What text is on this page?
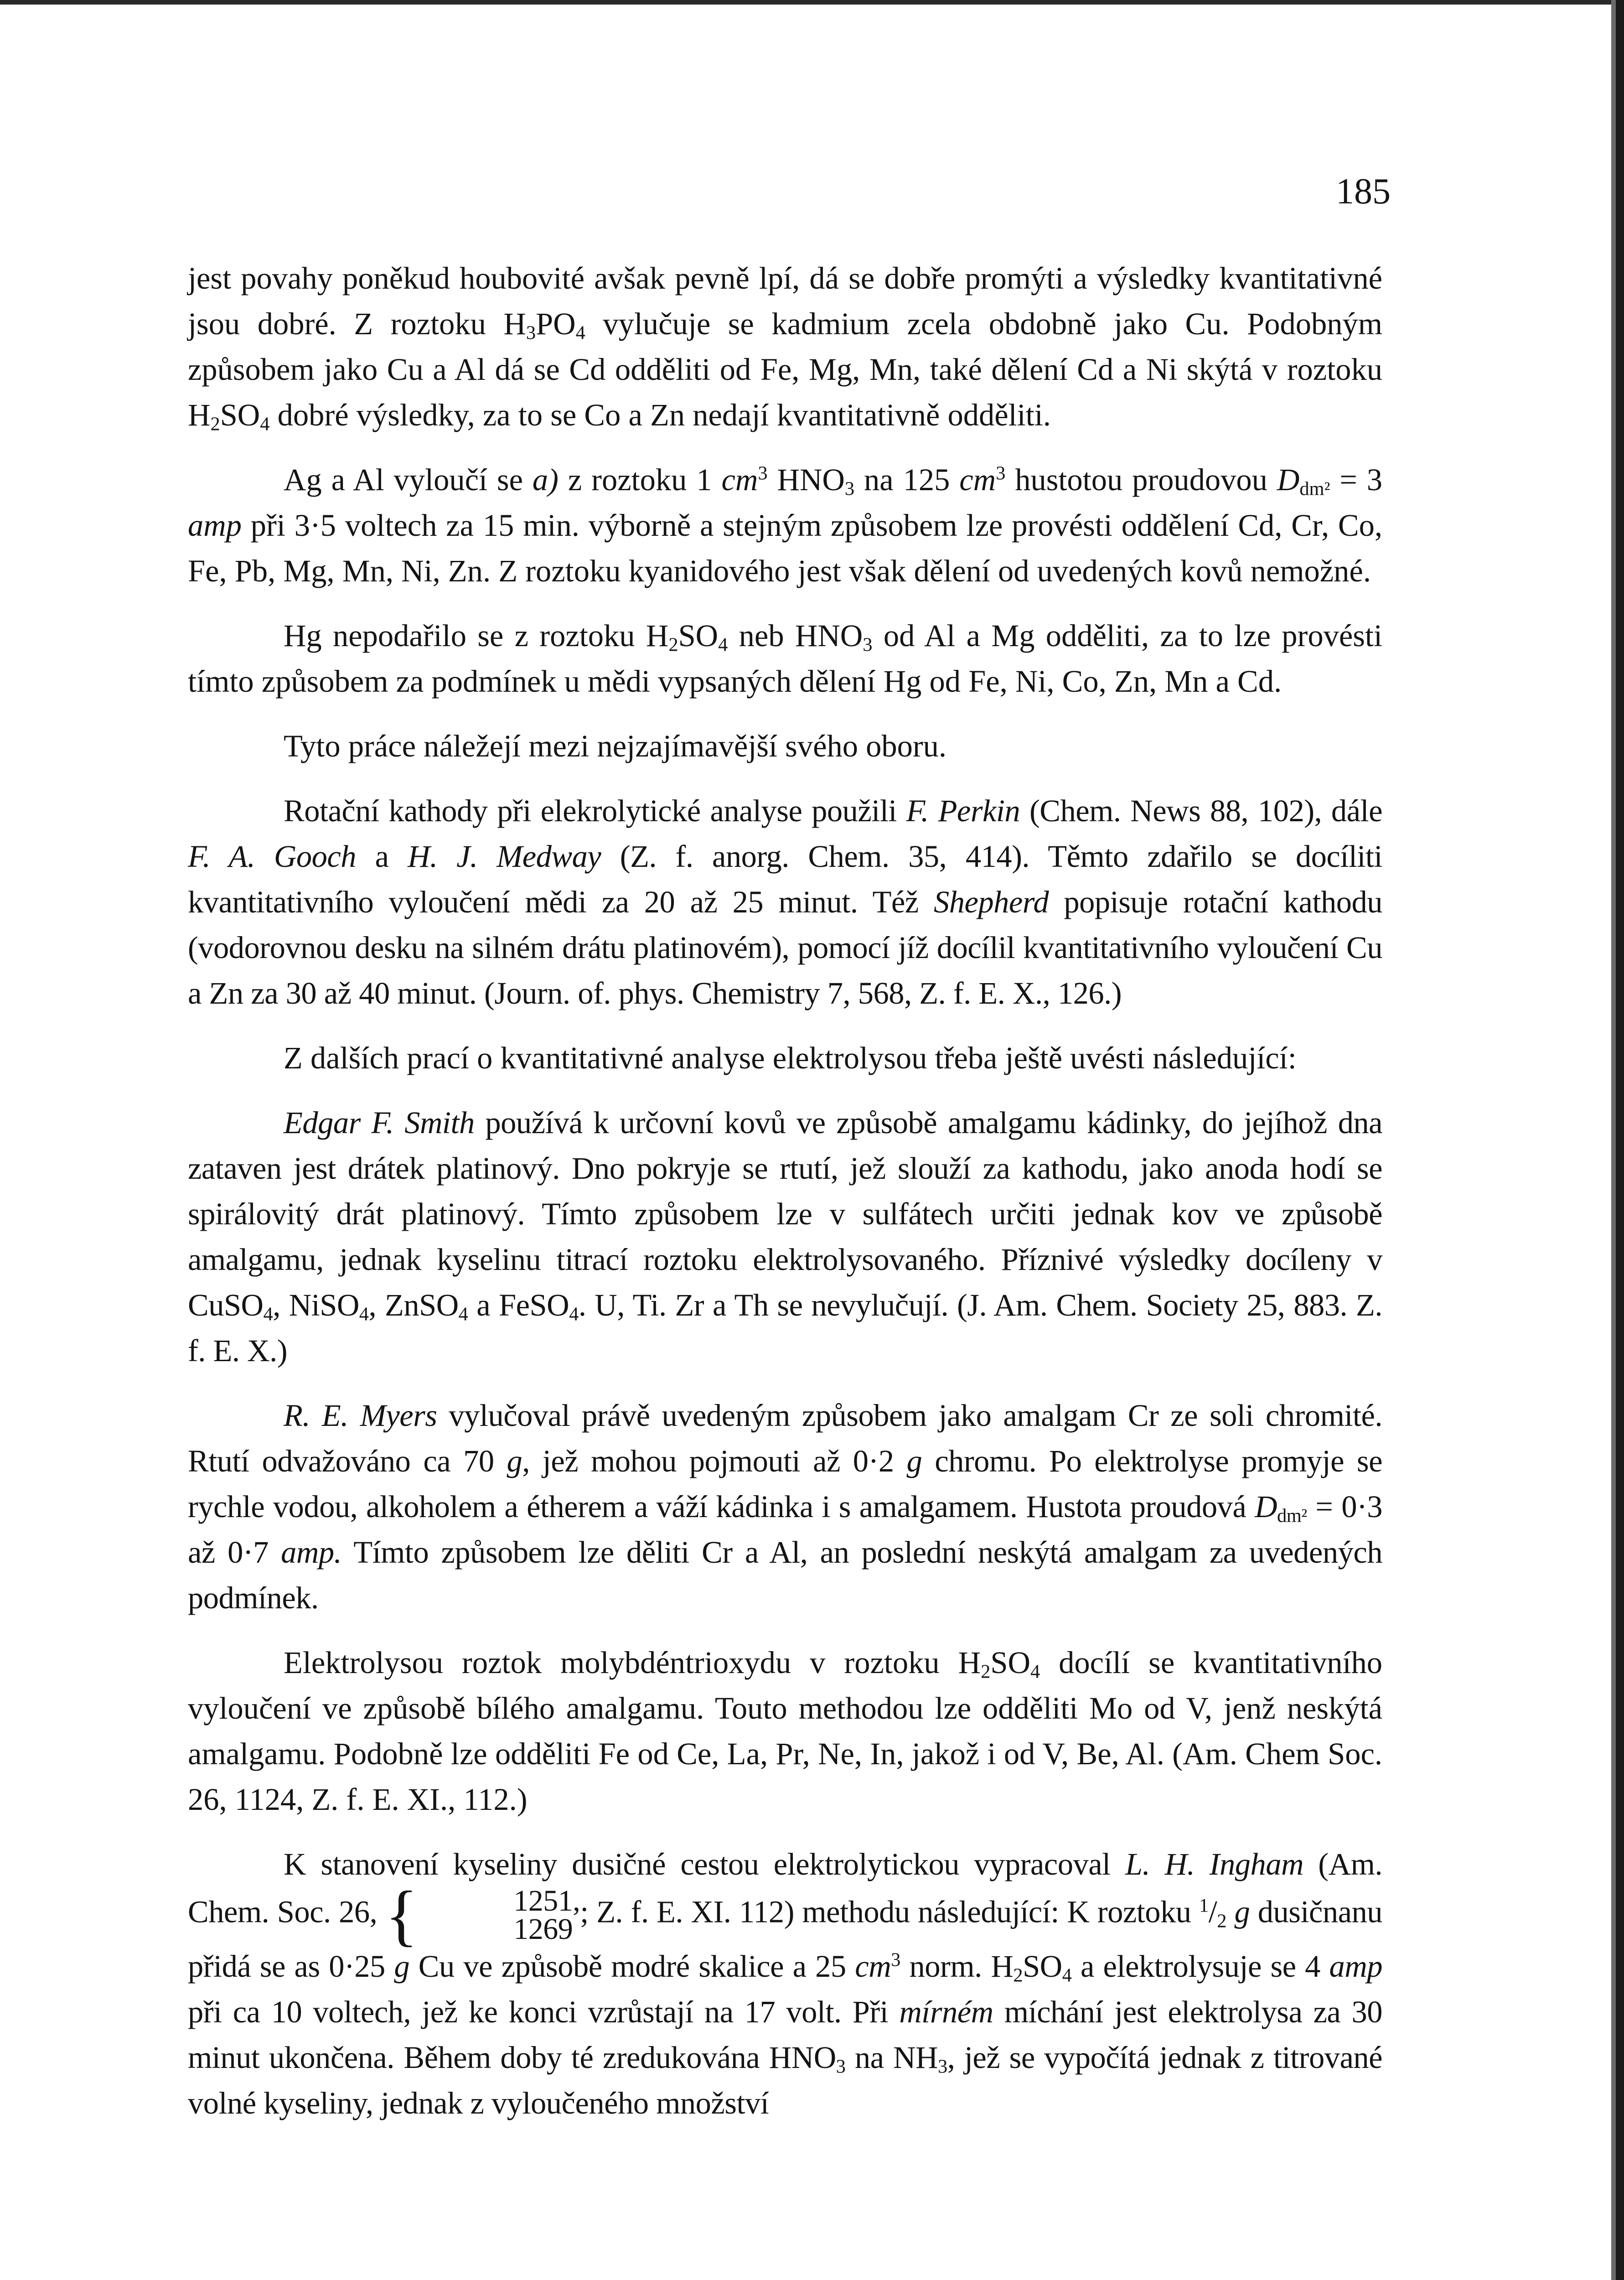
185

jest povahy poněkud houbovité avšak pevně lpí, dá se dobře promýti a výsledky kvantitativné jsou dobré. Z roztoku $H_3PO_4$ vylučuje se kadmium zcela obdobně jako Cu. Podobným způsobem jako Cu a Al dá se Cd odděliti od Fe, Mg, Mn, také dělení Cd a Ni skýtá v roztoku $H_2SO_4$ dobré výsledky, za to se Co a Zn nedají kvantitativně odděliti.

Ag a Al vyloučí se a) z roztoku 1 $cm^3$ $HNO_3$ na 125 $cm^3$ hustotou proudovou $D_{dm^2} = 3$ amp při 3·5 voltech za 15 min. výborně a stejným způsobem lze provésti oddělení Cd, Cr, Co, Fe, Pb, Mg, Mn, Ni, Zn. Z roztoku kyanidového jest však dělení od uvedených kovů nemožné.

Hg nepodařilo se z roztoku $H_2SO_4$ neb $HNO_3$ od Al a Mg odděliti, za to lze provésti tímto způsobem za podmínek u mědi vypsaných dělení Hg od Fe, Ni, Co, Zn, Mn a Cd.

Tyto práce náležejí mezi nejzajímavější svého oboru.

Rotační kathody při elekrolytické analyse použili F. Perkin (Chem. News 88, 102), dále F. A. Gooch a H. J. Medway (Z. f. anorg. Chem. 35, 414). Těmto zdařilo se docíliti kvantitativního vyloučení mědi za 20 až 25 minut. Též Shepherd popisuje rotační kathodu (vodorovnou desku na silném drátu platinovém), pomocí jíž docílil kvantitativního vyloučení Cu a Zn za 30 až 40 minut. (Journ. of. phys. Chemistry 7, 568, Z. f. E. X., 126.)

Z dalších prací o kvantitativné analyse elektrolysou třeba ještě uvésti následující:

Edgar F. Smith používá k určovní kovů ve způsobě amalgamu kádinky, do jejíhož dna zataven jest drátek platinový. Dno pokryje se rtutí, jež slouží za kathodu, jako anoda hodí se spirálovitý drát platinový. Tímto způsobem lze v sulfátech určiti jednak kov ve způsobě amalgamu, jednak kyselinu titrací roztoku elektrolysovaného. Příznivé výsledky docíleny v CuSO$_4$, NiSO$_4$, ZnSO$_4$ a FeSO$_4$. U, Ti. Zr a Th se nevylučují. (J. Am. Chem. Society 25, 883. Z. f. E. X.)

R. E. Myers vylučoval právě uvedeným způsobem jako amalgam Cr ze soli chromité. Rtutí odvažováno ca 70 g, jež mohou pojmouti až 0·2 g chromu. Po elektrolyse promyje se rychle vodou, alkoholem a étherem a váží kádinka i s amalgamem. Hustota proudová $D_{dm^2} = 0\cdot 3$ až 0·7 amp. Tímto způsobem lze děliti Cr a Al, an poslední neskýtá amalgam za uvedených podmínek.

Elektrolysou roztok molybdéntrioxydu v roztoku $H_2SO_4$ docílí se kvantitativního vyloučení ve způsobě bílého amalgamu. Touto methodou lze odděliti Mo od V, jenž neskýtá amalgamu. Podobně lze odděliti Fe od Ce, La, Pr, Ne, In, jakož i od V, Be, Al. (Am. Chem Soc. 26, 1124, Z. f. E. XI., 112.)

K stanovení kyseliny dusičné cestou elektrolytickou vypracoval L. H. Ingham (Am. Chem. Soc. 26, {	1251,
1269 ; Z. f. E. XI. 112) methodu následující: K roztoku $^1/_2$ g dusičnanu přidá se as 0·25 g Cu ve způsobě modré skalice a 25 $cm^3$ norm. $H_2SO_4$ a elektrolysuje se 4 amp při ca 10 voltech, jež ke konci vzrůstají na 17 volt. Při mírném míchání jest elektrolysa za 30 minut ukončena. Během doby té zredukována $HNO_3$ na $NH_3$, jež se vypočítá jednak z titrované volné kyseliny, jednak z vyloučeného množství
